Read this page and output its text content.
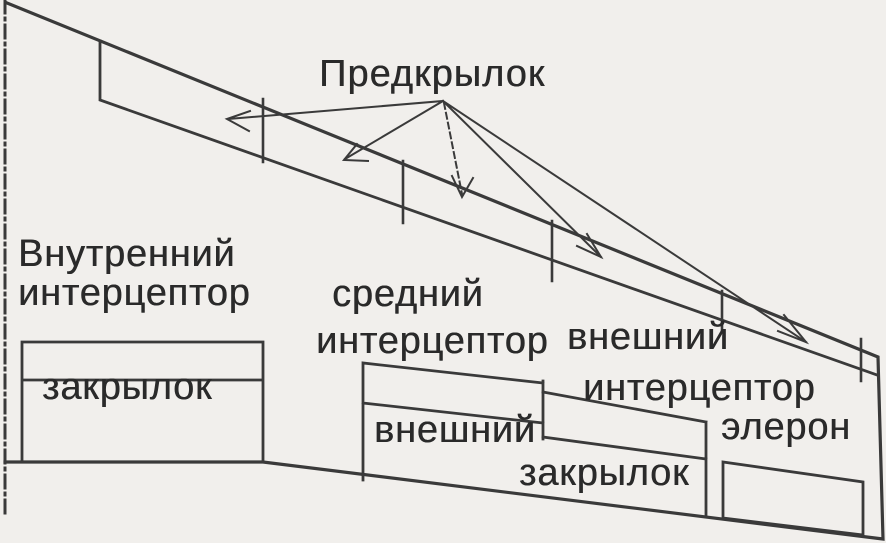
Предкрылок
Внутренний
интерцептор
закрылок
средний
интерцептор внешний
интерцептор
внешний
закрылок
элерон
